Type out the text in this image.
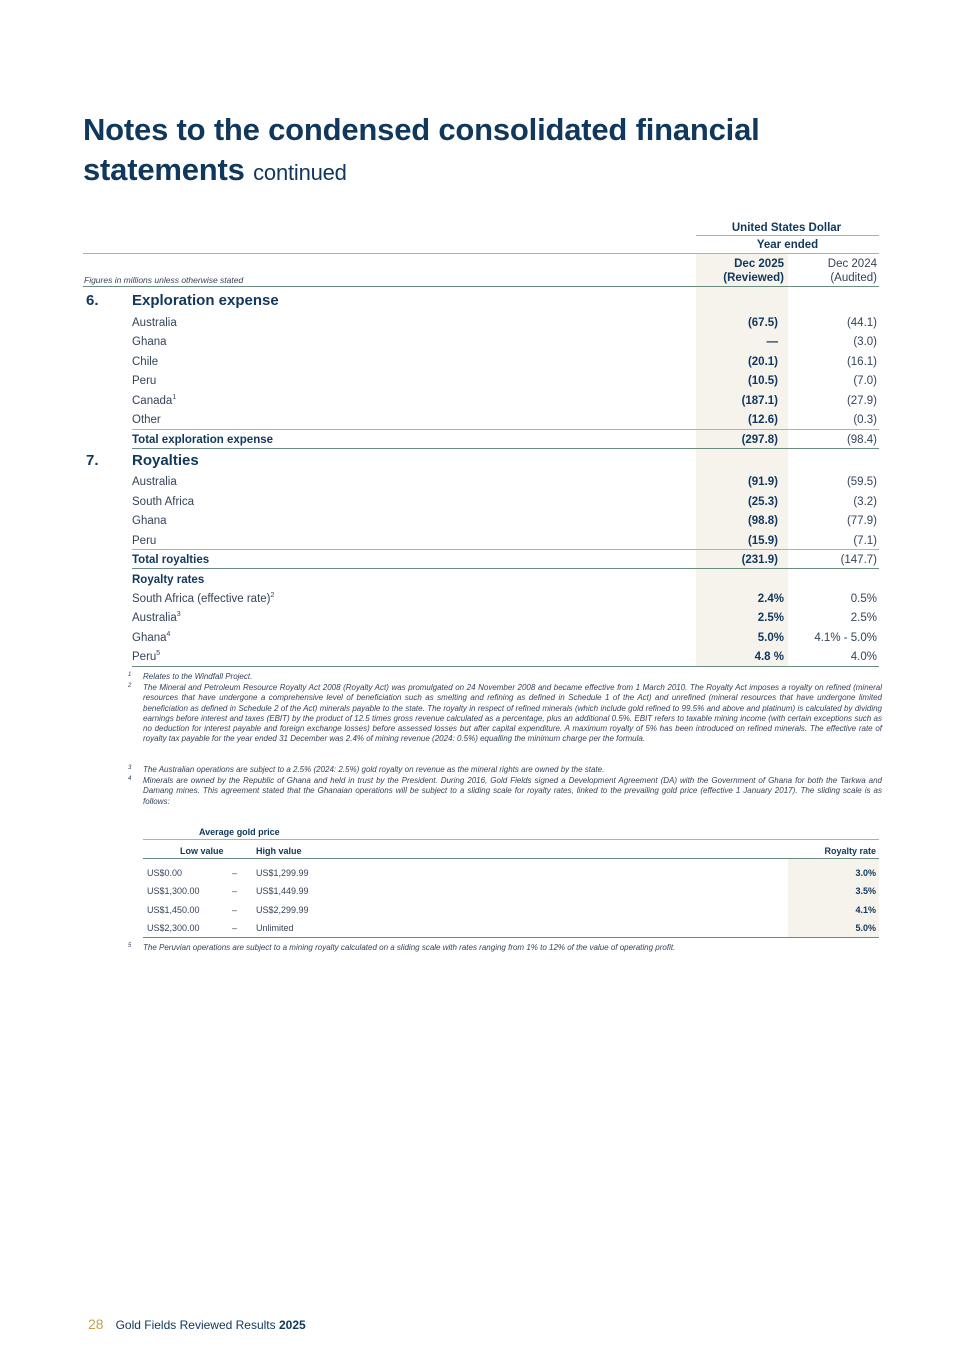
Notes to the condensed consolidated financial
statements continued
United States Dollar
Year ended
Figures in millions unless otherwise stated
Dec 2025
(Reviewed)
Dec 2024
(Audited)
6. Exploration expense
Australia	(67.5)	(44.1)
Ghana	—	(3.0)
Chile	(20.1)	(16.1)
Peru	(10.5)	(7.0)
Canada$^1$	(187.1)	(27.9)
Other	(12.6)	(0.3)
Total exploration expense	(297.8)	(98.4)
7. Royalties
Australia	(91.9)	(59.5)
South Africa	(25.3)	(3.2)
Ghana	(98.8)	(77.9)
Peru	(15.9)	(7.1)
Total royalties	(231.9)	(147.7)
Royalty rates
South Africa (effective rate)$^2$	2.4%	0.5%
Australia$^3$	2.5%	2.5%
Ghana$^4$	5.0%	4.1% - 5.0%
Peru$^5$	4.8 %	4.0%
1 Relates to the Windfall Project.
2 The Mineral and Petroleum Resource Royalty Act 2008 (Royalty Act) was promulgated on 24 November 2008 and became effective from 1 March 2010. The Royalty Act imposes a royalty on refined (mineral resources that have undergone a comprehensive level of beneficiation such as smelting and refining as defined in Schedule 1 of the Act) and unrefined (mineral resources that have undergone limited beneficiation as defined in Schedule 2 of the Act) minerals payable to the state. The royalty in respect of refined minerals (which include gold refined to 99.5% and above and platinum) is calculated by dividing earnings before interest and taxes (EBIT) by the product of 12.5 times gross revenue calculated as a percentage, plus an additional 0.5%. EBIT refers to taxable mining income (with certain exceptions such as no deduction for interest payable and foreign exchange losses) before assessed losses but after capital expenditure. A maximum royalty of 5% has been introduced on refined minerals. The effective rate of royalty tax payable for the year ended 31 December was 2.4% of mining revenue (2024: 0.5%) equalling the minimum charge per the formula.
3 The Australian operations are subject to a 2.5% (2024: 2.5%) gold royalty on revenue as the mineral rights are owned by the state.
4 Minerals are owned by the Republic of Ghana and held in trust by the President. During 2016, Gold Fields signed a Development Agreement (DA) with the Government of Ghana for both the Tarkwa and Damang mines. This agreement stated that the Ghanaian operations will be subject to a sliding scale for royalty rates, linked to the prevailing gold price (effective 1 January 2017). The sliding scale is as follows:
Average gold price
Low value	High value	Royalty rate
US$0.00	– US$1,299.99	3.0%
US$1,300.00	– US$1,449.99	3.5%
US$1,450.00	– US$2,299.99	4.1%
US$2,300.00	– Unlimited	5.0%
5 The Peruvian operations are subject to a mining royalty calculated on a sliding scale with rates ranging from 1% to 12% of the value of operating profit.
28 Gold Fields Reviewed Results 2025
